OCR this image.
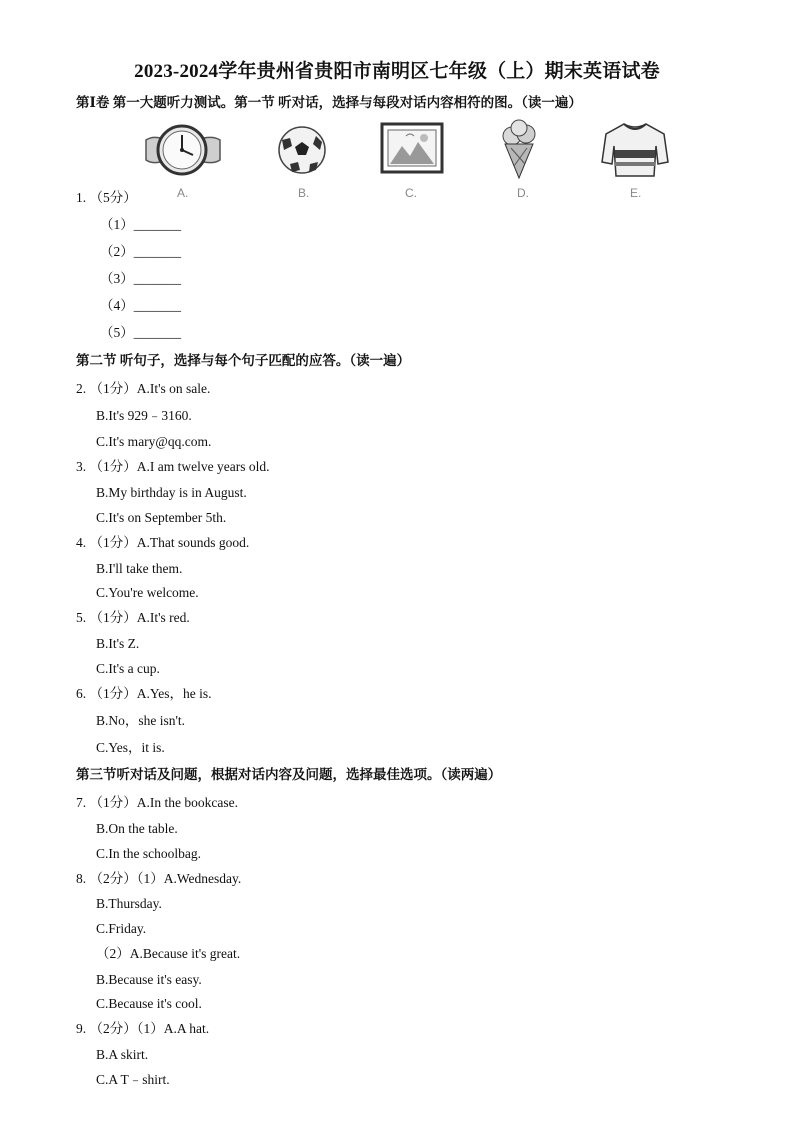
2023-2024学年贵州省贵阳市南明区七年级（上）期末英语试卷
第Ⅰ卷 第一大题听力测试。第一节 听对话，选择与每段对话内容相符的图。（读一遍）
A.	B.	C.	D.	E.
1. （5分）
（1）_______
（2）_______
（3）_______
（4）_______
（5）_______
第二节 听句子，选择与每个句子匹配的应答。（读一遍）
2. （1分）A.It's on sale.
B.It's 929﹣3160.
C.It's mary@qq.com.
3. （1分）A.I am twelve years old.
B.My birthday is in August.
C.It's on September 5th.
4. （1分）A.That sounds good.
B.I'll take them.
C.You're welcome.
5. （1分）A.It's red.
B.It's Z.
C.It's a cup.
6. （1分）A.Yes，he is.
B.No，she isn't.
C.Yes，it is.
第三节听对话及问题，根据对话内容及问题，选择最佳选项。（读两遍）
7. （1分）A.In the bookcase.
B.On the table.
C.In the schoolbag.
8. （2分）（1）A.Wednesday.
B.Thursday.
C.Friday.
（2）A.Because it's great.
B.Because it's easy.
C.Because it's cool.
9. （2分）（1）A.A hat.
B.A skirt.
C.A T﹣shirt.
